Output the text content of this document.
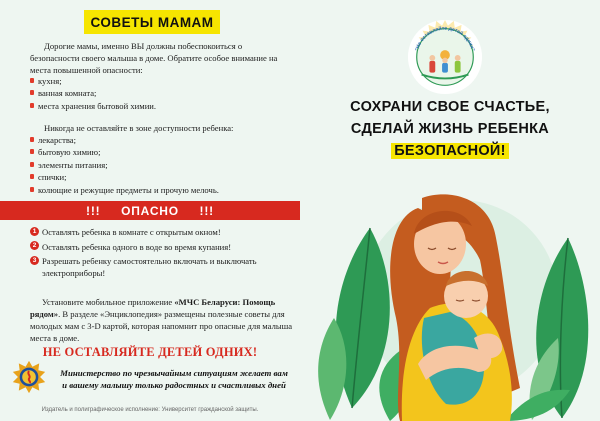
СОВЕТЫ МАМАМ

Дорогие мамы, именно ВЫ должны побеспокоиться о безопасности своего малыша в доме. Обратите особое внимание на места повышенной опасности:

кухня;
ванная комната;
места хранения бытовой химии.

Никогда не оставляйте в зоне доступности ребенка:

лекарства;
бытовую химию;
элементы питания;
спички;
колющие и режущие предметы и прочую мелочь.
!!!     ОПАСНО     !!!
1 Оставлять ребенка в комнате с открытым окном!
2 Оставлять ребенка одного в воде во время купания!
3 Разрешать ребенку самостоятельно включать и выключать электроприборы!

Установите мобильное приложение «МЧС Беларуси: Помощь рядом». В разделе «Энциклопедия» размещены полезные советы для молодых мам с 3-D картой, которая напомнит про опасные для малыша места в доме.

НЕ ОСТАВЛЯЙТЕ ДЕТЕЙ ОДНИХ!
Министерство по чрезвычайным ситуациям желает вам
и вашему малышу только радостных и счастливых дней
Издатель и полиграфическое исполнение: Университет гражданской защиты.
"Не оставляйте детей одних"
СОХРАНИ СВОЕ СЧАСТЬЕ,
СДЕЛАЙ ЖИЗНЬ РЕБЕНКА
БЕЗОПАСНОЙ!
